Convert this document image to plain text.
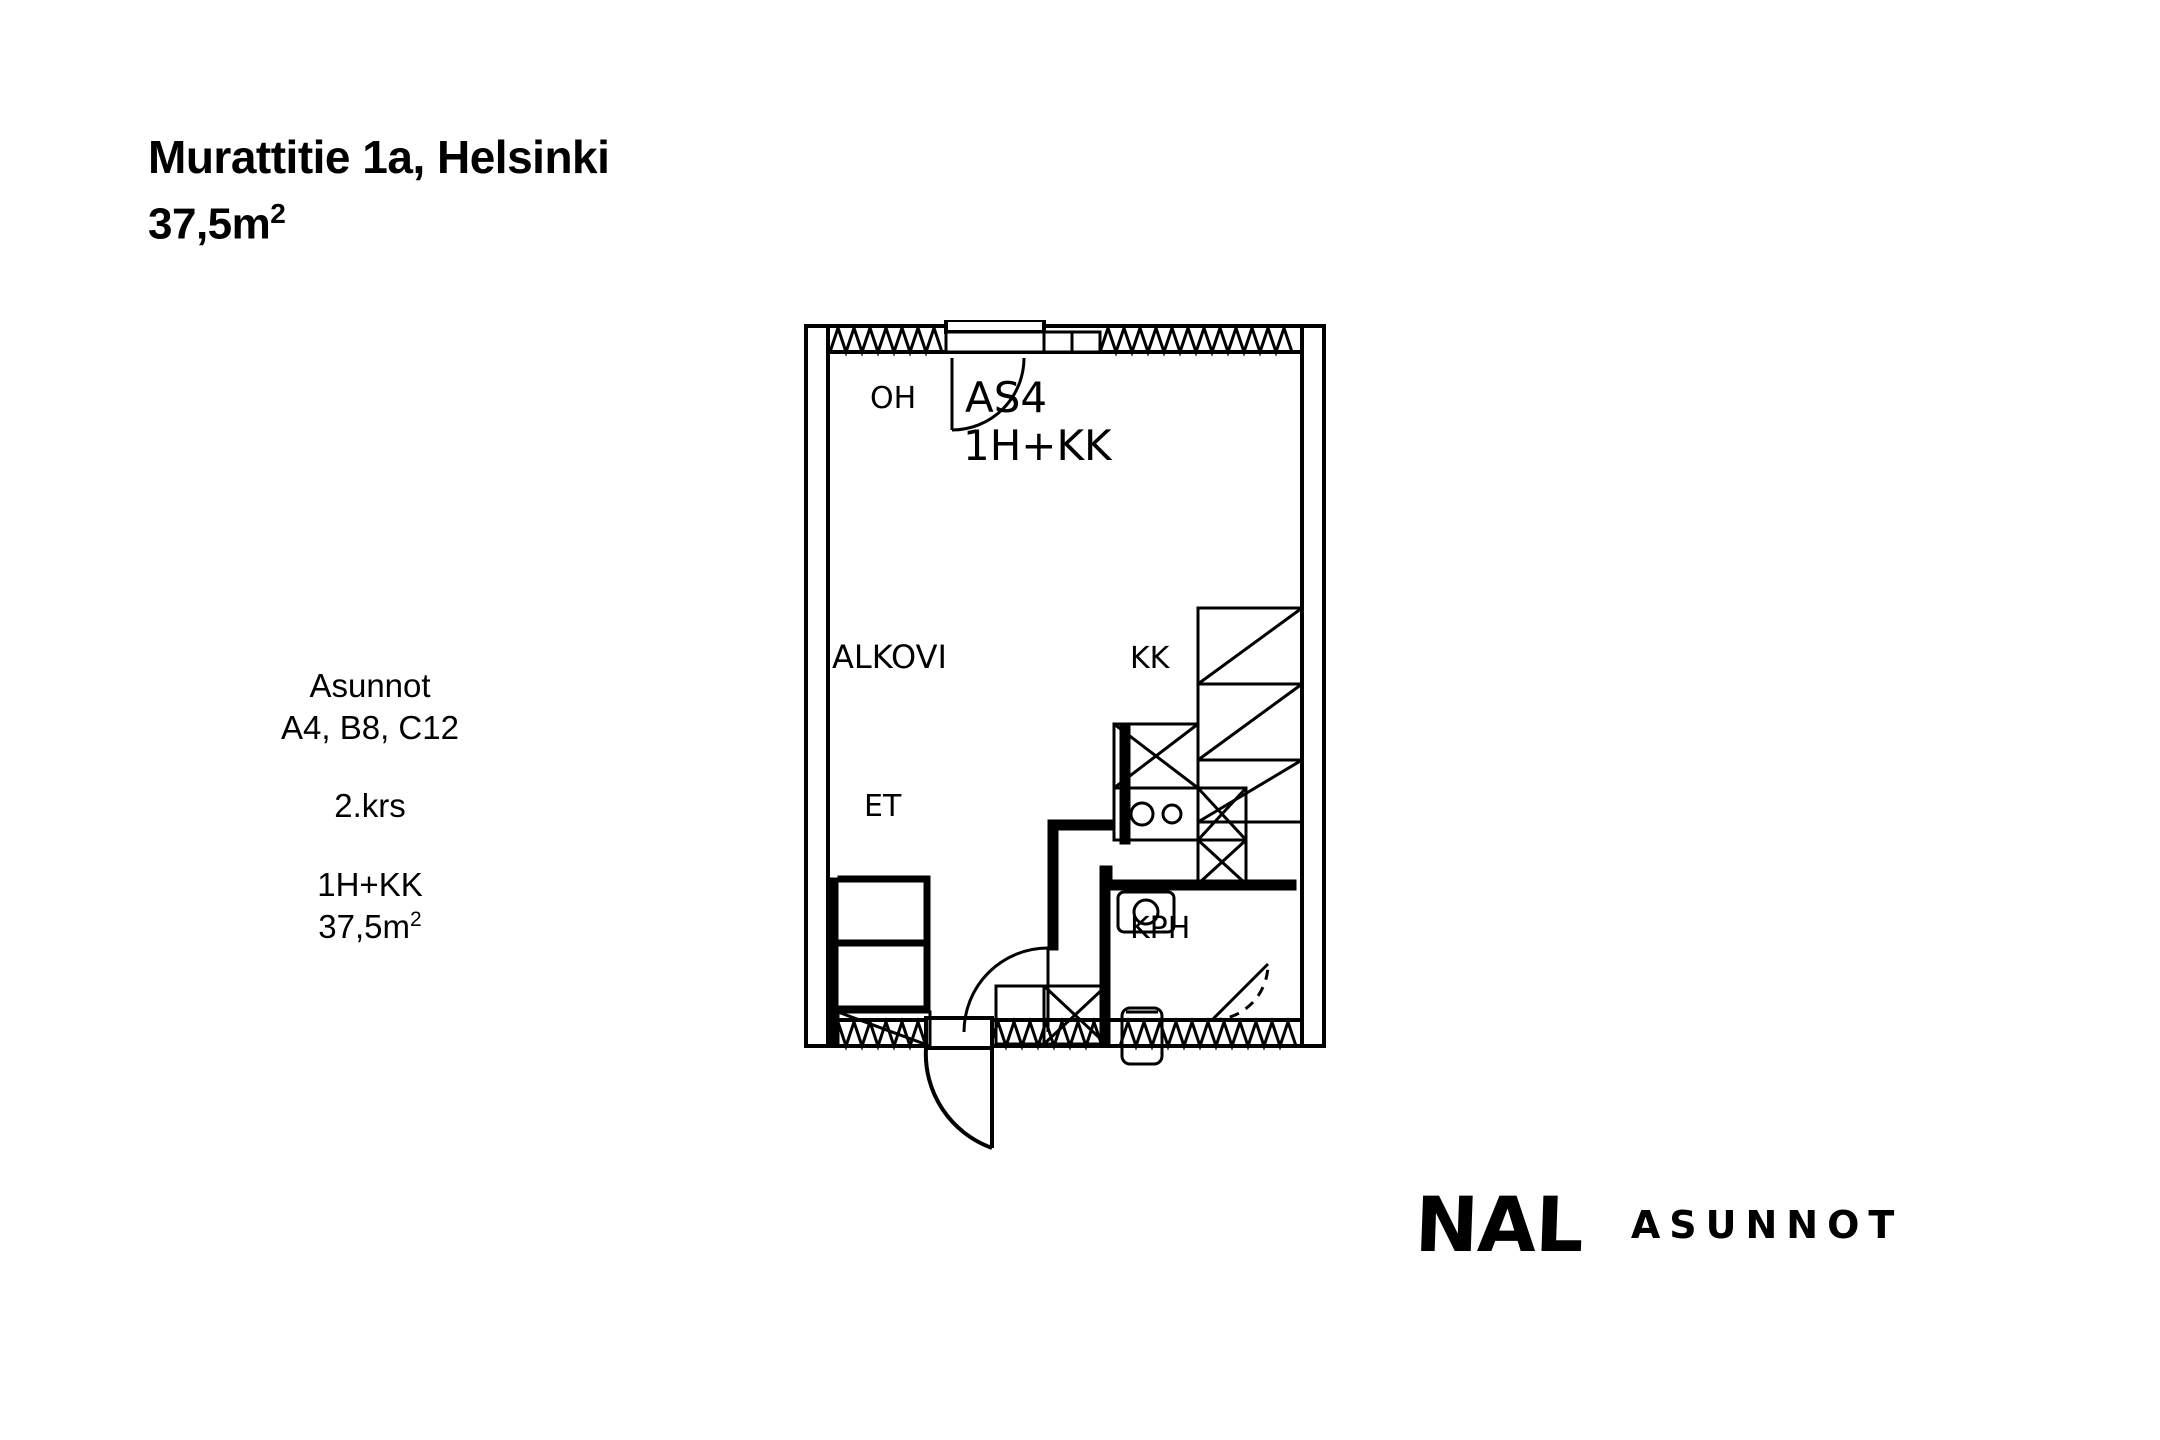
Murattitie 1a, Helsinki
$37,5m^2$
Asunnot
A4, B8, C12
2.krs
1H+KK
$37,5m^2$
OH AS4
1H+KK
ALKOVI	KK
ET
KPH
NAL ASUNNOT
